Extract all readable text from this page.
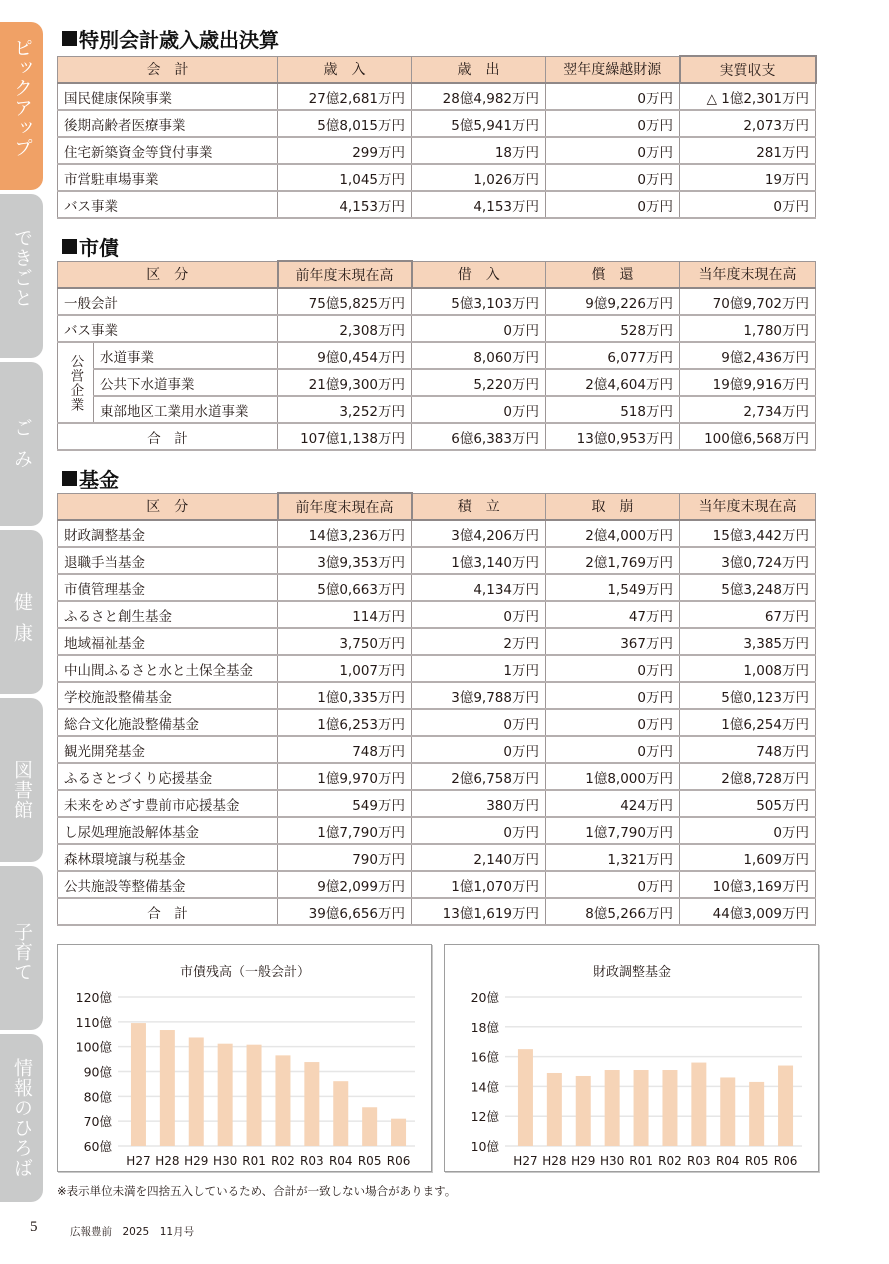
ピックアップ
できごと
ごみ
健康
図書館
子育て
情報のひろば
特別会計歳入歳出決算
会　計	歳　入	歳　出	翌年度繰越財源	実質収支
国民健康保険事業	27億2,681万円	28億4,982万円	0万円	△ 1億2,301万円
後期高齢者医療事業	5億8,015万円	5億5,941万円	0万円	2,073万円
住宅新築資金等貸付事業	299万円	18万円	0万円	281万円
市営駐車場事業	1,045万円	1,026万円	0万円	19万円
バス事業	4,153万円	4,153万円	0万円	0万円
市債
区　分		前年度末現在高	借　入	償　還	当年度末現在高
一般会計		75億5,825万円	5億3,103万円	9億9,226万円	70億9,702万円
バス事業		2,308万円	0万円	528万円	1,780万円
公営企業	水道事業	9億0,454万円	8,060万円	6,077万円	9億2,436万円
	公共下水道事業	21億9,300万円	5,220万円	2億4,604万円	19億9,916万円
	東部地区工業用水道事業	3,252万円	0万円	518万円	2,734万円
合　計		107億1,138万円	6億6,383万円	13億0,953万円	100億6,568万円
基金
区　分	前年度末現在高	積　立	取　崩	当年度末現在高
財政調整基金	14億3,236万円	3億4,206万円	2億4,000万円	15億3,442万円
退職手当基金	3億9,353万円	1億3,140万円	2億1,769万円	3億0,724万円
市債管理基金	5億0,663万円	4,134万円	1,549万円	5億3,248万円
ふるさと創生基金	114万円	0万円	47万円	67万円
地域福祉基金	3,750万円	2万円	367万円	3,385万円
中山間ふるさと水と土保全基金	1,007万円	1万円	0万円	1,008万円
学校施設整備基金	1億0,335万円	3億9,788万円	0万円	5億0,123万円
総合文化施設整備基金	1億6,253万円	0万円	0万円	1億6,254万円
観光開発基金	748万円	0万円	0万円	748万円
ふるさとづくり応援基金	1億9,970万円	2億6,758万円	1億8,000万円	2億8,728万円
未来をめざす豊前市応援基金	549万円	380万円	424万円	505万円
し尿処理施設解体基金	1億7,790万円	0万円	1億7,790万円	0万円
森林環境譲与税基金	790万円	2,140万円	1,321万円	1,609万円
公共施設等整備基金	9億2,099万円	1億1,070万円	0万円	10億3,169万円
合　計	39億6,656万円	13億1,619万円	8億5,266万円	44億3,009万円
市債残高（一般会計）
60億
70億
80億
90億
100億
110億
120億
H27 H28 H29 H30 R01 R02 R03 R04 R05 R06
財政調整基金
10億
12億
14億
16億
18億
20億
H27 H28 H29 H30 R01 R02 R03 R04 R05 R06
※表示単位未満を四捨五入しているため、合計が一致しない場合があります。
5	広報豊前　2025　11月号
